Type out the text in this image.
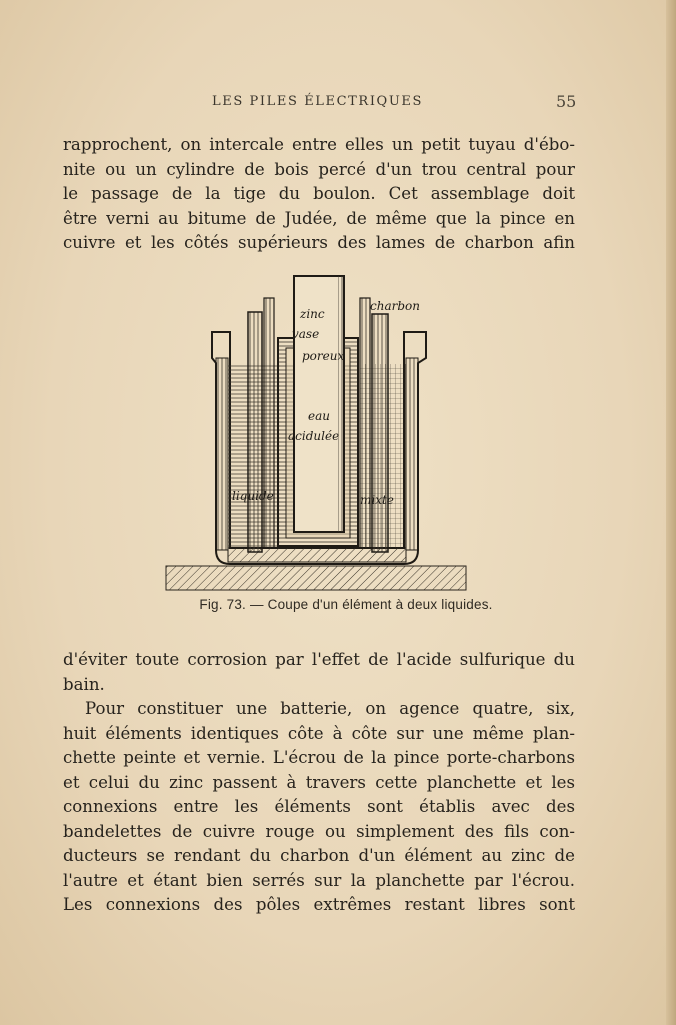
LES PILES ÉLECTRIQUES	55
rapprochent, on intercale entre elles un petit tuyau d'ébo-
nite ou un cylindre de bois percé d'un trou central pour
le passage de la tige du boulon. Cet assemblage doit
être verni au bitume de Judée, de même que la pince en
cuivre et les côtés supérieurs des lames de charbon afin
zinc
charbon
vase
poreux
eau
acidulée
liquide	mixte
Fig. 73. — Coupe d'un élément à deux liquides.
d'éviter toute corrosion par l'effet de l'acide sulfurique du
bain.
Pour constituer une batterie, on agence quatre, six,
huit éléments identiques côte à côte sur une même plan-
chette peinte et vernie. L'écrou de la pince porte-charbons
et celui du zinc passent à travers cette planchette et les
connexions entre les éléments sont établis avec des
bandelettes de cuivre rouge ou simplement des fils con-
ducteurs se rendant du charbon d'un élément au zinc de
l'autre et étant bien serrés sur la planchette par l'écrou.
Les connexions des pôles extrêmes restant libres sont
